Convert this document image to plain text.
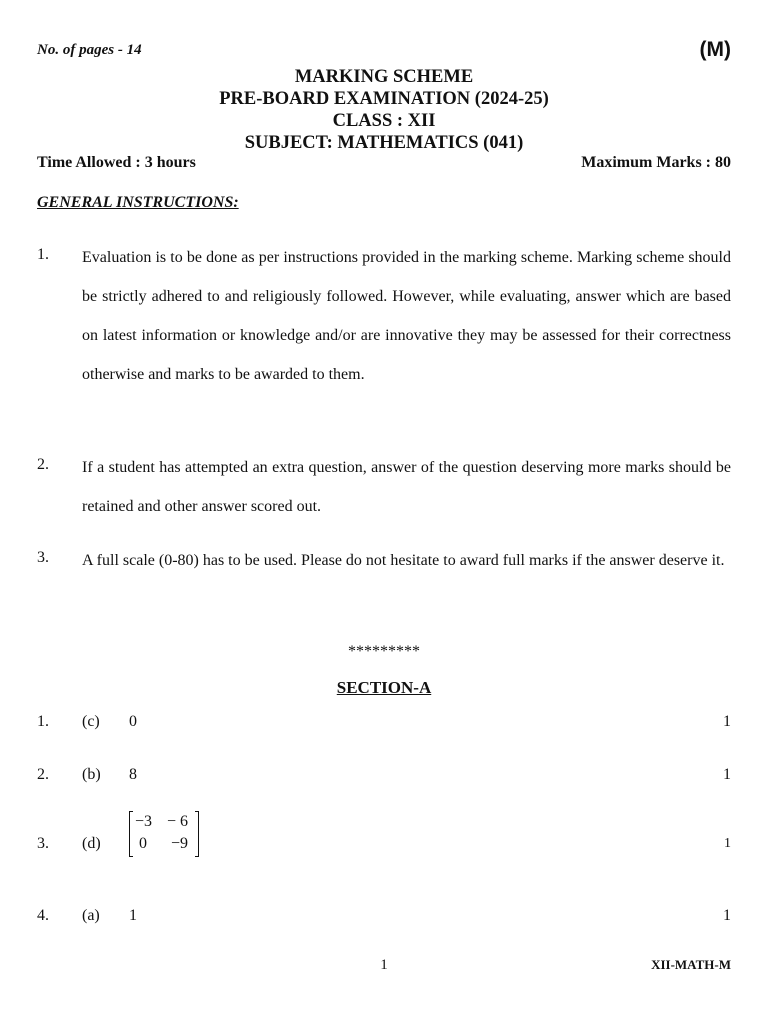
No. of pages - 14	(M)
MARKING SCHEME
PRE-BOARD EXAMINATION (2024-25)
CLASS : XII
SUBJECT: MATHEMATICS (041)
Time Allowed : 3 hours	Maximum Marks : 80
GENERAL INSTRUCTIONS:
1. Evaluation is to be done as per instructions provided in the marking scheme. Marking scheme should be strictly adhered to and religiously followed. However, while evaluating, answer which are based on latest information or knowledge and/or are innovative they may be assessed for their correctness otherwise and marks to be awarded to them.
2. If a student has attempted an extra question, answer of the question deserving more marks should be retained and other answer scored out.
3. A full scale (0-80) has to be used. Please do not hesitate to award full marks if the answer deserve it.
*********
SECTION-A
1. (c) 0	1
2. (b) 8	1
3. (d)
−3 − 6
0 −9	1
4. (a) 1	1
1	XII-MATH-M
